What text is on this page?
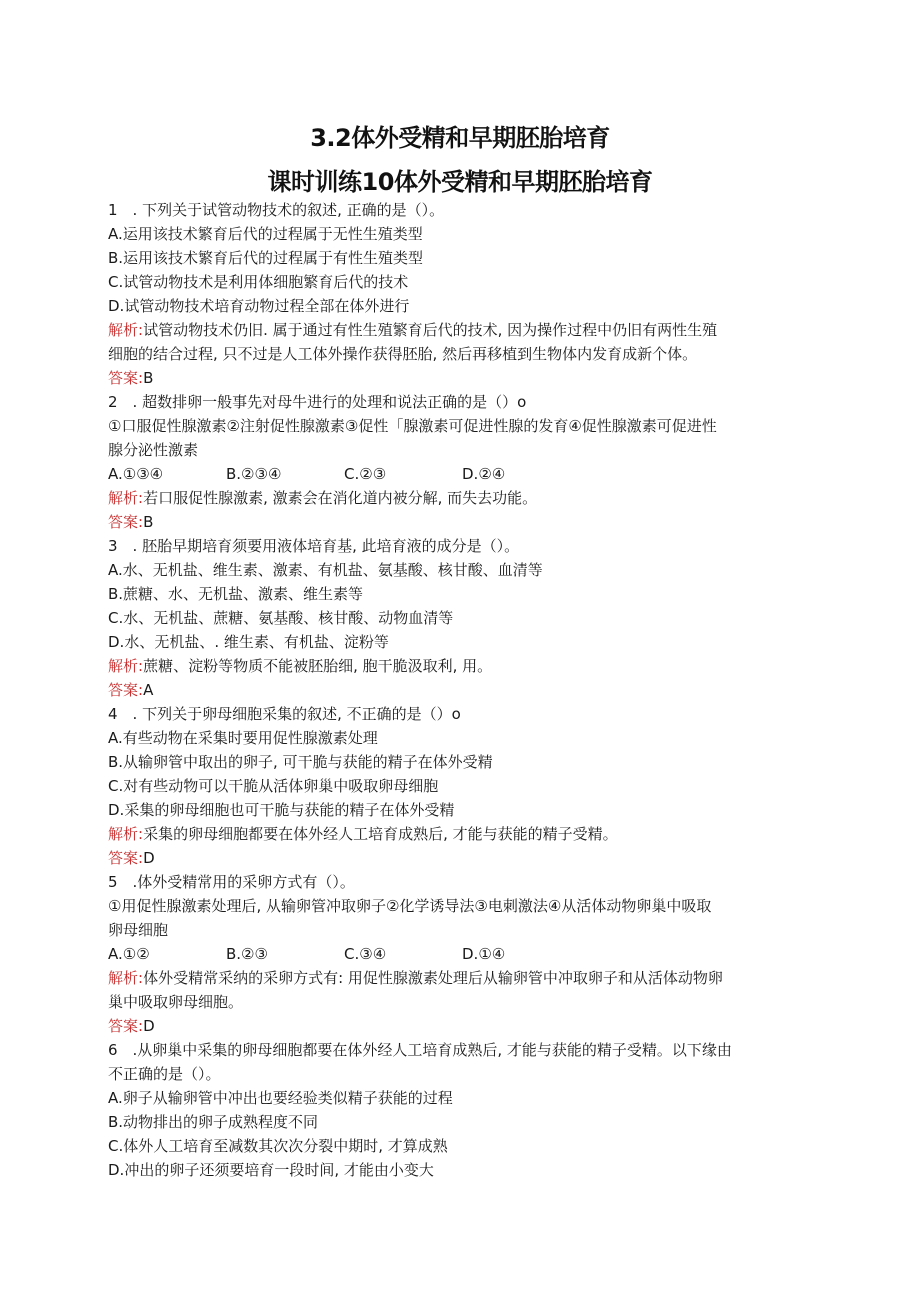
3.2体外受精和早期胚胎培育
课时训练10体外受精和早期胚胎培育
1　. 下列关于试管动物技术的叙述, 正确的是（）。
A.运用该技术繁育后代的过程属于无性生殖类型
B.运用该技术繁育后代的过程属于有性生殖类型
C.试管动物技术是利用体细胞繁育后代的技术
D.试管动物技术培育动物过程全部在体外进行
解析:试管动物技术仍旧. 属于通过有性生殖繁育后代的技术, 因为操作过程中仍旧有两性生殖
细胞的结合过程, 只不过是人工体外操作获得胚胎, 然后再移植到生物体内发育成新个体。
答案:B
2　. 超数排卵一般事先对母牛进行的处理和说法正确的是（）o
①口服促性腺激素②注射促性腺激素③促性「腺激素可促进性腺的发育④促性腺激素可促进性
腺分泌性激素
A.①③④	B.②③④	C.②③	D.②④
解析:若口服促性腺激素, 激素会在消化道内被分解, 而失去功能。
答案:B
3　. 胚胎早期培育须要用液体培育基, 此培育液的成分是（）。
A.水、无机盐、维生素、激素、有机盐、氨基酸、核甘酸、血清等
B.蔗糖、水、无机盐、激素、维生素等
C.水、无机盐、蔗糖、氨基酸、核甘酸、动物血清等
D.水、无机盐、. 维生素、有机盐、淀粉等
解析:蔗糖、淀粉等物质不能被胚胎细, 胞干脆汲取利, 用。
答案:A
4　. 下列关于卵母细胞采集的叙述, 不正确的是（）o
A.有些动物在采集时要用促性腺激素处理
B.从输卵管中取出的卵子, 可干脆与获能的精子在体外受精
C.对有些动物可以干脆从活体卵巢中吸取卵母细胞
D.采集的卵母细胞也可干脆与获能的精子在体外受精
解析:采集的卵母细胞都要在体外经人工培育成熟后, 才能与获能的精子受精。
答案:D
5　.体外受精常用的采卵方式有（）。
①用促性腺激素处理后, 从输卵管冲取卵子②化学诱导法③电刺激法④从活体动物卵巢中吸取
卵母细胞
A.①②	B.②③	C.③④	D.①④
解析:体外受精常采纳的采卵方式有: 用促性腺激素处理后从输卵管中冲取卵子和从活体动物卵
巢中吸取卵母细胞。
答案:D
6　.从卵巢中采集的卵母细胞都要在体外经人工培育成熟后, 才能与获能的精子受精。以下缘由
不正确的是（）。
A.卵子从输卵管中冲出也要经验类似精子获能的过程
B.动物排出的卵子成熟程度不同
C.体外人工培育至减数其次次分裂中期时, 才算成熟
D.冲出的卵子还须要培育一段时间, 才能由小变大
